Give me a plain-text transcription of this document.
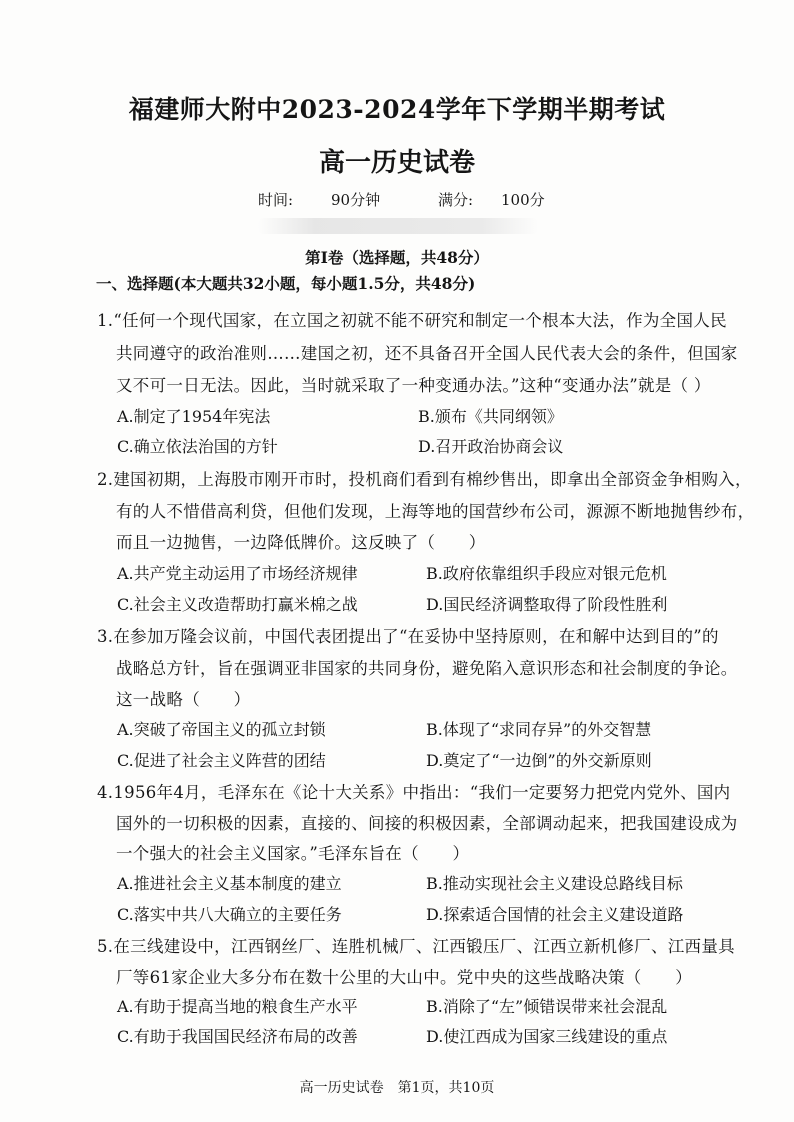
福建师大附中2023-2024学年下学期半期考试
高一历史试卷
时间:	90分钟	满分: 100分
第Ⅰ卷（选择题，共48分）
一、选择题(本大题共32小题，每小题1.5分，共48分)
1.“任何一个现代国家，在立国之初就不能不研究和制定一个根本大法，作为全国人民
共同遵守的政治准则……建国之初，还不具备召开全国人民代表大会的条件，但国家
又不可一日无法。因此，当时就采取了一种变通办法。”这种“变通办法”就是（ ）
A.制定了1954年宪法	B.颁布《共同纲领》
C.确立依法治国的方针	D.召开政治协商会议
2.建国初期，上海股市刚开市时，投机商们看到有棉纱售出，即拿出全部资金争相购入，
有的人不惜借高利贷，但他们发现，上海等地的国营纱布公司，源源不断地抛售纱布，
而且一边抛售，一边降低牌价。这反映了（　　）
A.共产党主动运用了市场经济规律	B.政府依靠组织手段应对银元危机
C.社会主义改造帮助打赢米棉之战	D.国民经济调整取得了阶段性胜利
3.在参加万隆会议前，中国代表团提出了“在妥协中坚持原则，在和解中达到目的”的
战略总方针，旨在强调亚非国家的共同身份，避免陷入意识形态和社会制度的争论。
这一战略（　　）
A.突破了帝国主义的孤立封锁	B.体现了“求同存异”的外交智慧
C.促进了社会主义阵营的团结	D.奠定了“一边倒”的外交新原则
4.1956年4月，毛泽东在《论十大关系》中指出：“我们一定要努力把党内党外、国内
国外的一切积极的因素，直接的、间接的积极因素，全部调动起来，把我国建设成为
一个强大的社会主义国家。”毛泽东旨在（　　）
A.推进社会主义基本制度的建立	B.推动实现社会主义建设总路线目标
C.落实中共八大确立的主要任务	D.探索适合国情的社会主义建设道路
5.在三线建设中，江西钢丝厂、连胜机械厂、江西锻压厂、江西立新机修厂、江西量具
厂等61家企业大多分布在数十公里的大山中。党中央的这些战略决策（　　）
A.有助于提高当地的粮食生产水平	B.消除了“左”倾错误带来社会混乱
C.有助于我国国民经济布局的改善	D.使江西成为国家三线建设的重点
高一历史试卷　第1页，共10页
